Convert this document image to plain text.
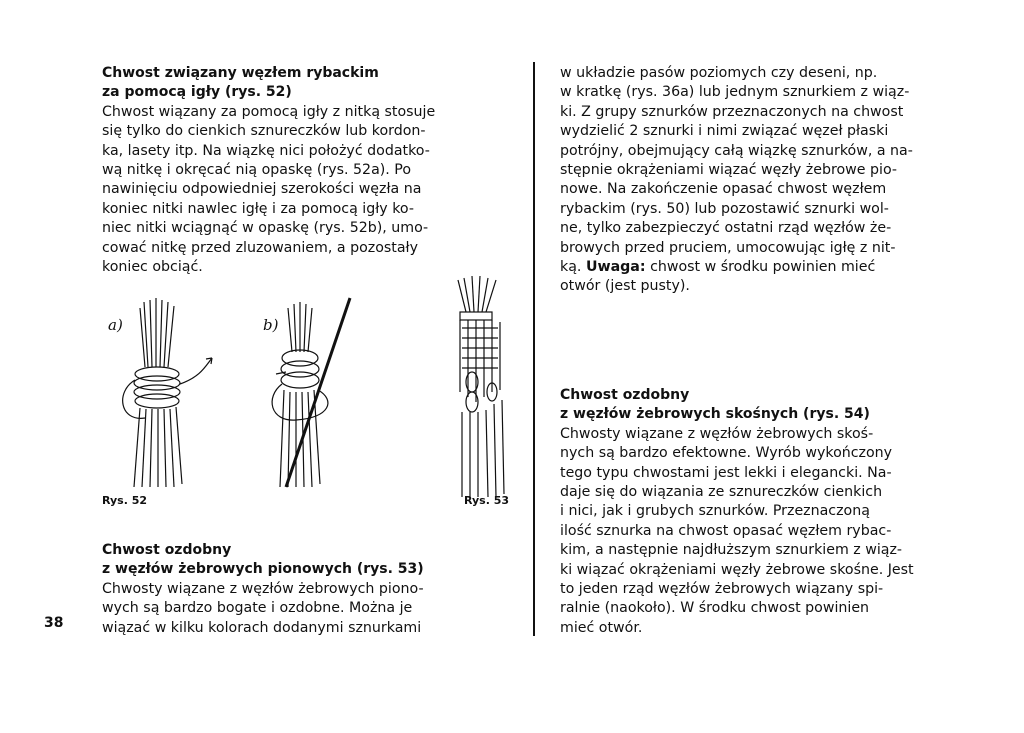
Chwost związany węzłem rybackim
za pomocą igły (rys. 52)
Chwost wiązany za pomocą igły z nitką stosuje
się tylko do cienkich sznureczków lub kordon-
ka, lasety itp. Na wiązkę nici położyć dodatko-
wą nitkę i okręcać nią opaskę (rys. 52a). Po
nawinięciu odpowiedniej szerokości węzła na
koniec nitki nawlec igłę i za pomocą igły ko-
niec nitki wciągnąć w opaskę (rys. 52b), umo-
cować nitkę przed zluzowaniem, a pozostały
koniec obciąć.
a)	b)
Rys. 52	Rys. 53
Chwost ozdobny
z węzłów żebrowych pionowych (rys. 53)
Chwosty wiązane z węzłów żebrowych piono-
wych są bardzo bogate i ozdobne. Można je
wiązać w kilku kolorach dodanymi sznurkami
38
w układzie pasów poziomych czy deseni, np.
w kratkę (rys. 36a) lub jednym sznurkiem z wiąz-
ki. Z grupy sznurków przeznaczonych na chwost
wydzielić 2 sznurki i nimi związać węzeł płaski
potrójny, obejmujący całą wiązkę sznurków, a na-
stępnie okrążeniami wiązać węzły żebrowe pio-
nowe. Na zakończenie opasać chwost węzłem
rybackim (rys. 50) lub pozostawić sznurki wol-
ne, tylko zabezpieczyć ostatni rząd węzłów że-
browych przed pruciem, umocowując igłę z nit-
ką. Uwaga: chwost w środku powinien mieć
otwór (jest pusty).
Chwost ozdobny
z węzłów żebrowych skośnych (rys. 54)
Chwosty wiązane z węzłów żebrowych skoś-
nych są bardzo efektowne. Wyrób wykończony
tego typu chwostami jest lekki i elegancki. Na-
daje się do wiązania ze sznureczków cienkich
i nici, jak i grubych sznurków. Przeznaczoną
ilość sznurka na chwost opasać węzłem rybac-
kim, a następnie najdłuższym sznurkiem z wiąz-
ki wiązać okrążeniami węzły żebrowe skośne. Jest
to jeden rząd węzłów żebrowych wiązany spi-
ralnie (naokoło). W środku chwost powinien
mieć otwór.
